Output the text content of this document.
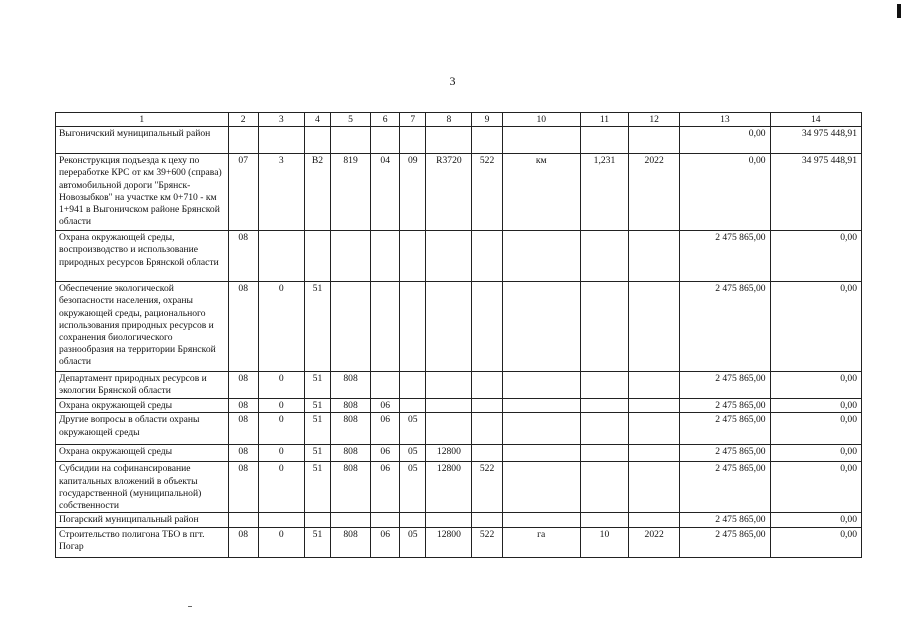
3
1	2	3	4	5	6	7	8	9	10	11	12	13	14
Выгоничский муниципальный район												0,00	34 975 448,91
Реконструкция подъезда к цеху по переработке КРС от км 39+600 (справа) автомобильной дороги "Брянск-Новозыбков" на участке км 0+710 - км 1+941 в Выгоничском районе Брянской области	07	3	В2	819	04	09	R3720	522	км	1,231	2022	0,00	34 975 448,91
Охрана окружающей среды, воспроизводство и использование природных ресурсов Брянской области	08											2 475 865,00	0,00
Обеспечение экологической безопасности населения, охраны окружающей среды, рационального использования природных ресурсов и сохранения биологического разнообразия на территории Брянской области	08	0	51									2 475 865,00	0,00
Департамент природных ресурсов и экологии Брянской области	08	0	51	808								2 475 865,00	0,00
Охрана окружающей среды	08	0	51	808	06							2 475 865,00	0,00
Другие вопросы в области охраны окружающей среды	08	0	51	808	06	05						2 475 865,00	0,00
Охрана окружающей среды	08	0	51	808	06	05	12800					2 475 865,00	0,00
Субсидии на софинансирование капитальных вложений в объекты государственной (муниципальной) собственности	08	0	51	808	06	05	12800	522				2 475 865,00	0,00
Погарский муниципальный район												2 475 865,00	0,00
Строительство полигона ТБО в пгт. Погар	08	0	51	808	06	05	12800	522	га	10	2022	2 475 865,00	0,00
